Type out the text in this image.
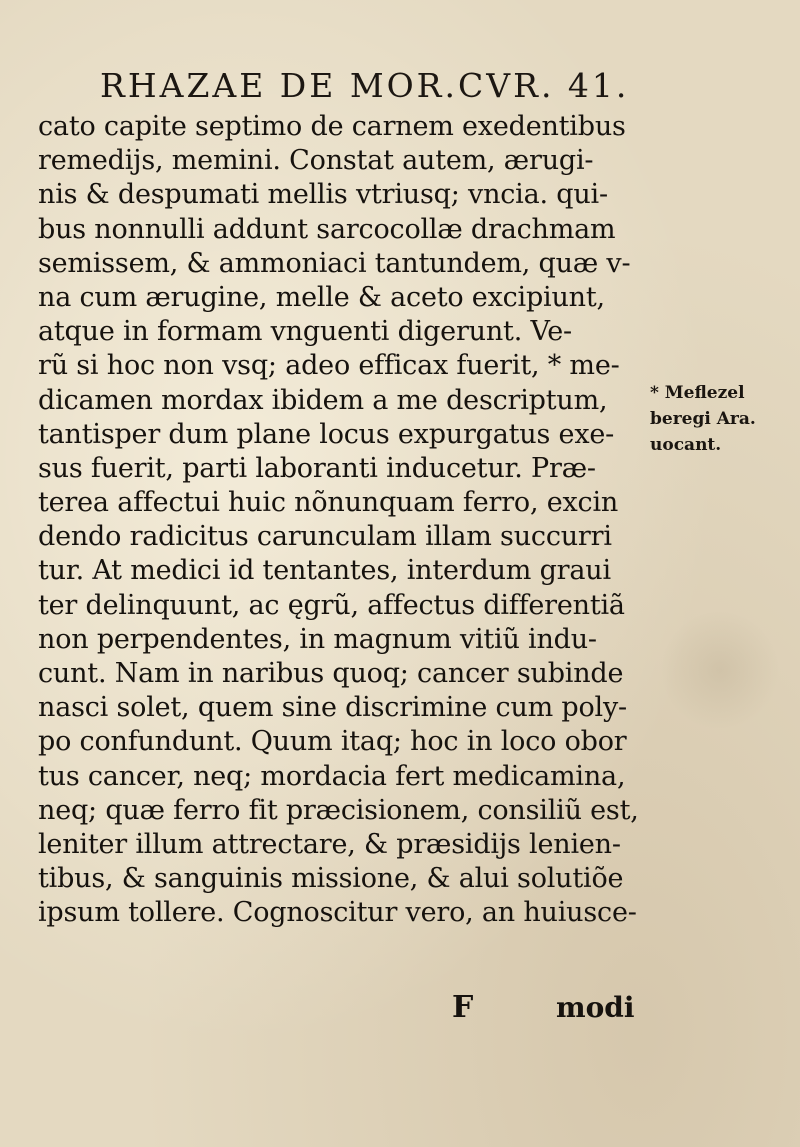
RHAZAE DE MOR.CVR. 41.
cato capite septimo de carnem exedentibus
remedijs, memini. Constat autem, ærugi-
nis & despumati mellis vtriusq; vncia. qui-
bus nonnulli addunt sarcocollæ drachmam
semissem, & ammoniaci tantundem, quæ v-
na cum ærugine, melle & aceto excipiunt,
atque in formam vnguenti digerunt. Ve-
rũ si hoc non vsq; adeo efficax fuerit, * me-
dicamen mordax ibidem a me descriptum,
tantisper dum plane locus expurgatus exe-
sus fuerit, parti laboranti inducetur. Præ-
terea affectui huic nõnunquam ferro, excin
dendo radicitus carunculam illam succurri
tur. At medici id tentantes, interdum graui
ter delinquunt, ac ęgrũ, affectus differentiã
non perpendentes, in magnum vitiũ indu-
cunt. Nam in naribus quoq; cancer subinde
nasci solet, quem sine discrimine cum poly-
po confundunt. Quum itaq; hoc in loco obor
tus cancer, neq; mordacia fert medicamina,
neq; quæ ferro fit præcisionem, consiliũ est,
leniter illum attrectare, & præsidijs lenien-
tibus, & sanguinis missione, & alui solutiõe
ipsum tollere. Cognoscitur vero, an huiusce-
* Meflezel
beregi Ara.
uocant.
F	modi
